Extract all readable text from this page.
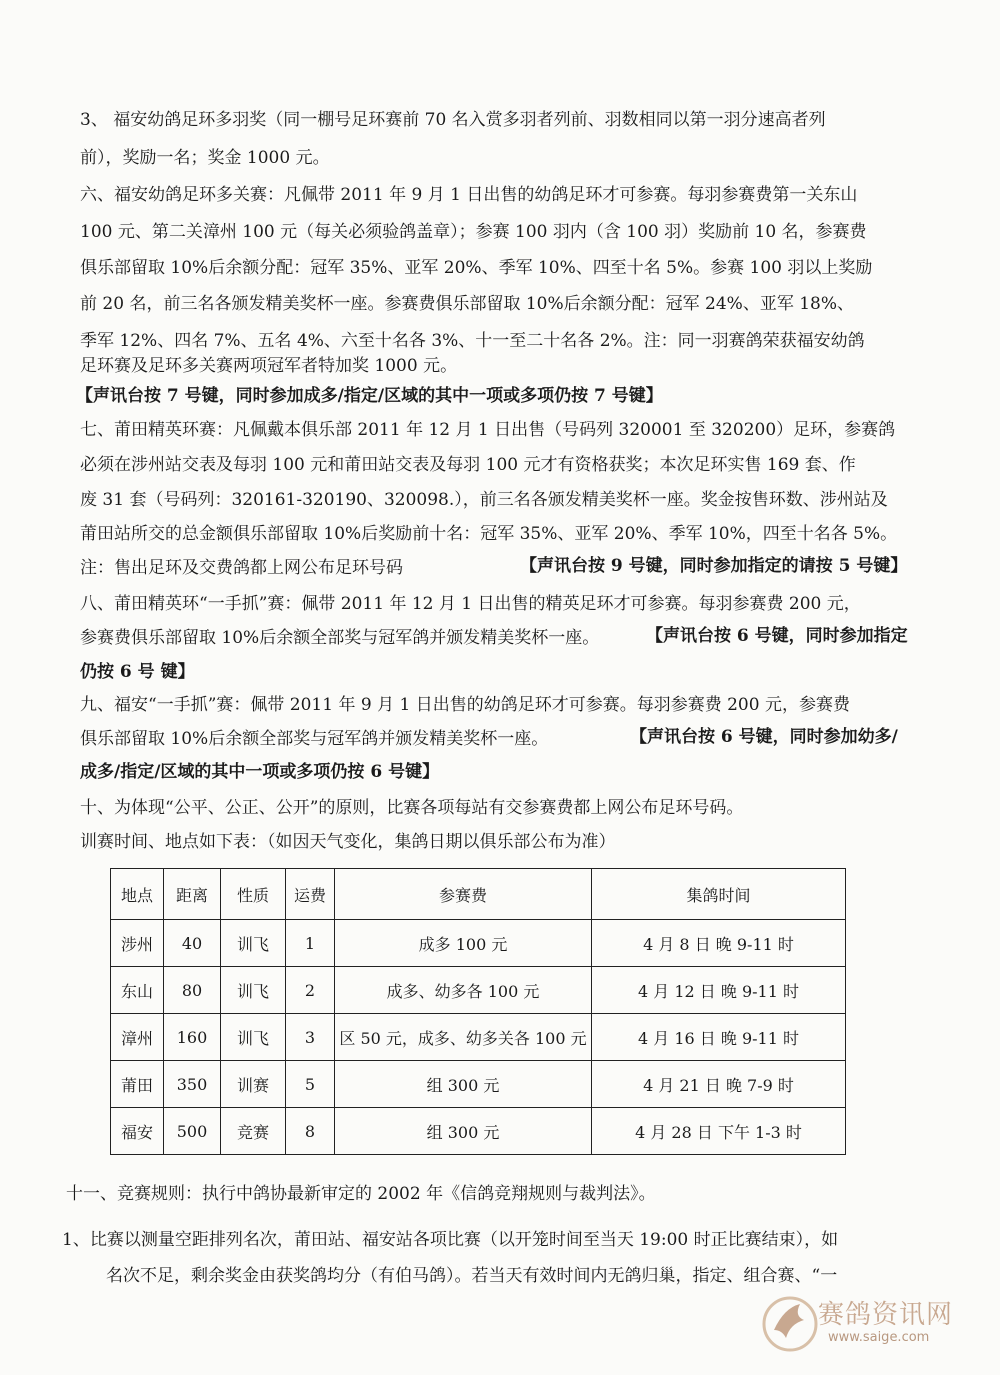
3、 福安幼鸽足环多羽奖（同一棚号足环赛前 70 名入赏多羽者列前、羽数相同以第一羽分速高者列
前），奖励一名；奖金 1000 元。
六、福安幼鸽足环多关赛：凡佩带 2011 年 9 月 1 日出售的幼鸽足环才可参赛。每羽参赛费第一关东山
100 元、第二关漳州 100 元（每关必须验鸽盖章）；参赛 100 羽内（含 100 羽）奖励前 10 名，参赛费
俱乐部留取 10%后余额分配：冠军 35%、亚军 20%、季军 10%、四至十名 5%。参赛 100 羽以上奖励
前 20 名，前三名各颁发精美奖杯一座。参赛费俱乐部留取 10%后余额分配：冠军 24%、亚军 18%、
季军 12%、四名 7%、五名 4%、六至十名各 3%、十一至二十名各 2%。注：同一羽赛鸽荣获福安幼鸽
足环赛及足环多关赛两项冠军者特加奖 1000 元。
【声讯台按 7 号键，同时参加成多/指定/区域的其中一项或多项仍按 7 号键】
七、莆田精英环赛：凡佩戴本俱乐部 2011 年 12 月 1 日出售（号码列 320001 至 320200）足环，参赛鸽
必须在涉州站交表及每羽 100 元和莆田站交表及每羽 100 元才有资格获奖；本次足环实售 169 套、作
废 31 套（号码列：320161-320190、320098.），前三名各颁发精美奖杯一座。奖金按售环数、涉州站及
莆田站所交的总金额俱乐部留取 10%后奖励前十名：冠军 35%、亚军 20%、季军 10%，四至十名各 5%。
注：售出足环及交费鸽都上网公布足环号码	【声讯台按 9 号键，同时参加指定的请按 5 号键】
八、莆田精英环“一手抓”赛：佩带 2011 年 12 月 1 日出售的精英足环才可参赛。每羽参赛费 200 元，
参赛费俱乐部留取 10%后余额全部奖与冠军鸽并颁发精美奖杯一座。	【声讯台按 6 号键，同时参加指定
仍按 6 号 键】
九、福安“一手抓”赛：佩带 2011 年 9 月 1 日出售的幼鸽足环才可参赛。每羽参赛费 200 元，参赛费
俱乐部留取 10%后余额全部奖与冠军鸽并颁发精美奖杯一座。	【声讯台按 6 号键，同时参加幼多/
成多/指定/区域的其中一项或多项仍按 6 号键】
十、为体现“公平、公正、公开”的原则，比赛各项每站有交参赛费都上网公布足环号码。
训赛时间、地点如下表：（如因天气变化，集鸽日期以俱乐部公布为准）
地点	距离	性质	运费	参赛费	集鸽时间
涉州	40	训飞	1	成多 100 元	4 月 8 日 晚 9-11 时
东山	80	训飞	2	成多、幼多各 100 元	4 月 12 日 晚 9-11 时
漳州	160	训飞	3	区 50 元，成多、幼多关各 100 元	4 月 16 日 晚 9-11 时
莆田	350	训赛	5	组 300 元	4 月 21 日 晚 7-9 时
福安	500	竞赛	8	组 300 元	4 月 28 日 下午 1-3 时
十一、竞赛规则：执行中鸽协最新审定的 2002 年《信鸽竞翔规则与裁判法》。
1、比赛以测量空距排列名次，莆田站、福安站各项比赛（以开笼时间至当天 19:00 时正比赛结束），如
名次不足，剩余奖金由获奖鸽均分（有伯马鸽）。若当天有效时间内无鸽归巢，指定、组合赛、“一
赛鸽资讯网
www.saige.com
